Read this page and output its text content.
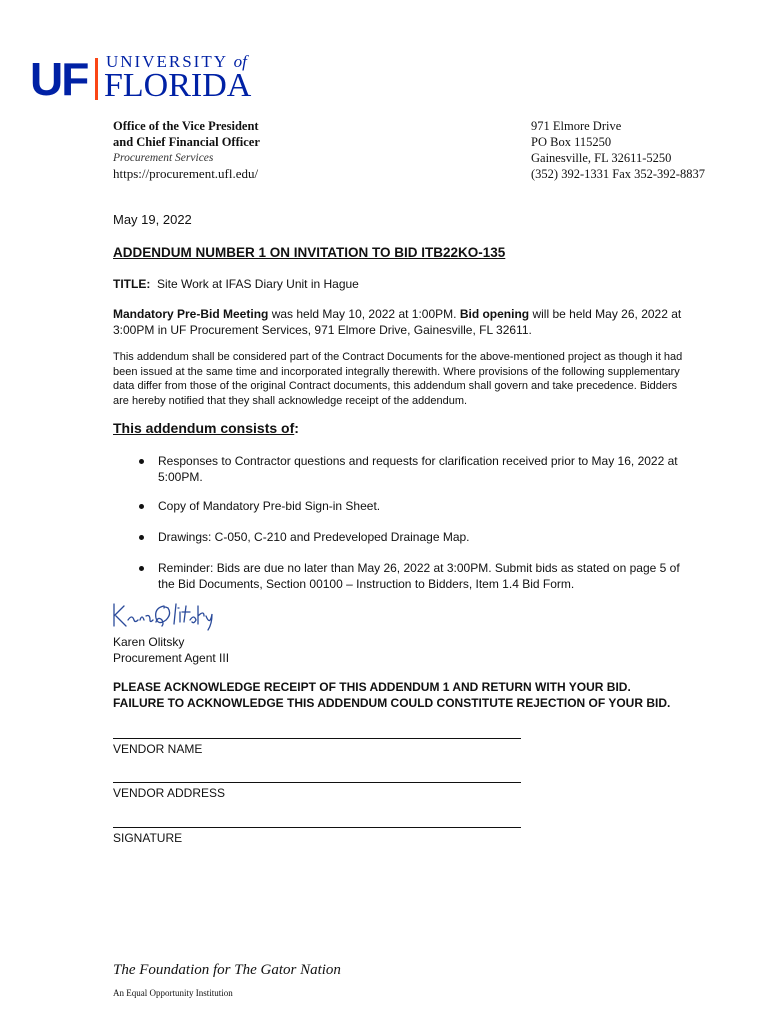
UF UNIVERSITY of
FLORIDA
Office of the Vice President
and Chief Financial Officer
Procurement Services
https://procurement.ufl.edu/
971 Elmore Drive
PO Box 115250
Gainesville, FL 32611-5250
(352) 392-1331 Fax 352-392-8837
May 19, 2022
ADDENDUM NUMBER 1 ON INVITATION TO BID ITB22KO-135
TITLE: Site Work at IFAS Diary Unit in Hague
Mandatory Pre-Bid Meeting was held May 10, 2022 at 1:00PM. Bid opening will be held May 26, 2022 at
3:00PM in UF Procurement Services, 971 Elmore Drive, Gainesville, FL 32611.
This addendum shall be considered part of the Contract Documents for the above-mentioned project as though it had
been issued at the same time and incorporated integrally therewith. Where provisions of the following supplementary
data differ from those of the original Contract documents, this addendum shall govern and take precedence. Bidders
are hereby notified that they shall acknowledge receipt of the addendum.
This addendum consists of:
Responses to Contractor questions and requests for clarification received prior to May 16, 2022 at
5:00PM.
Copy of Mandatory Pre-bid Sign-in Sheet.
Drawings: C-050, C-210 and Predeveloped Drainage Map.
Reminder: Bids are due no later than May 26, 2022 at 3:00PM. Submit bids as stated on page 5 of
the Bid Documents, Section 00100 – Instruction to Bidders, Item 1.4 Bid Form.
Karen Olitsky
Procurement Agent III
PLEASE ACKNOWLEDGE RECEIPT OF THIS ADDENDUM 1 AND RETURN WITH YOUR BID.
FAILURE TO ACKNOWLEDGE THIS ADDENDUM COULD CONSTITUTE REJECTION OF YOUR BID.
VENDOR NAME
VENDOR ADDRESS
SIGNATURE
The Foundation for The Gator Nation
An Equal Opportunity Institution
